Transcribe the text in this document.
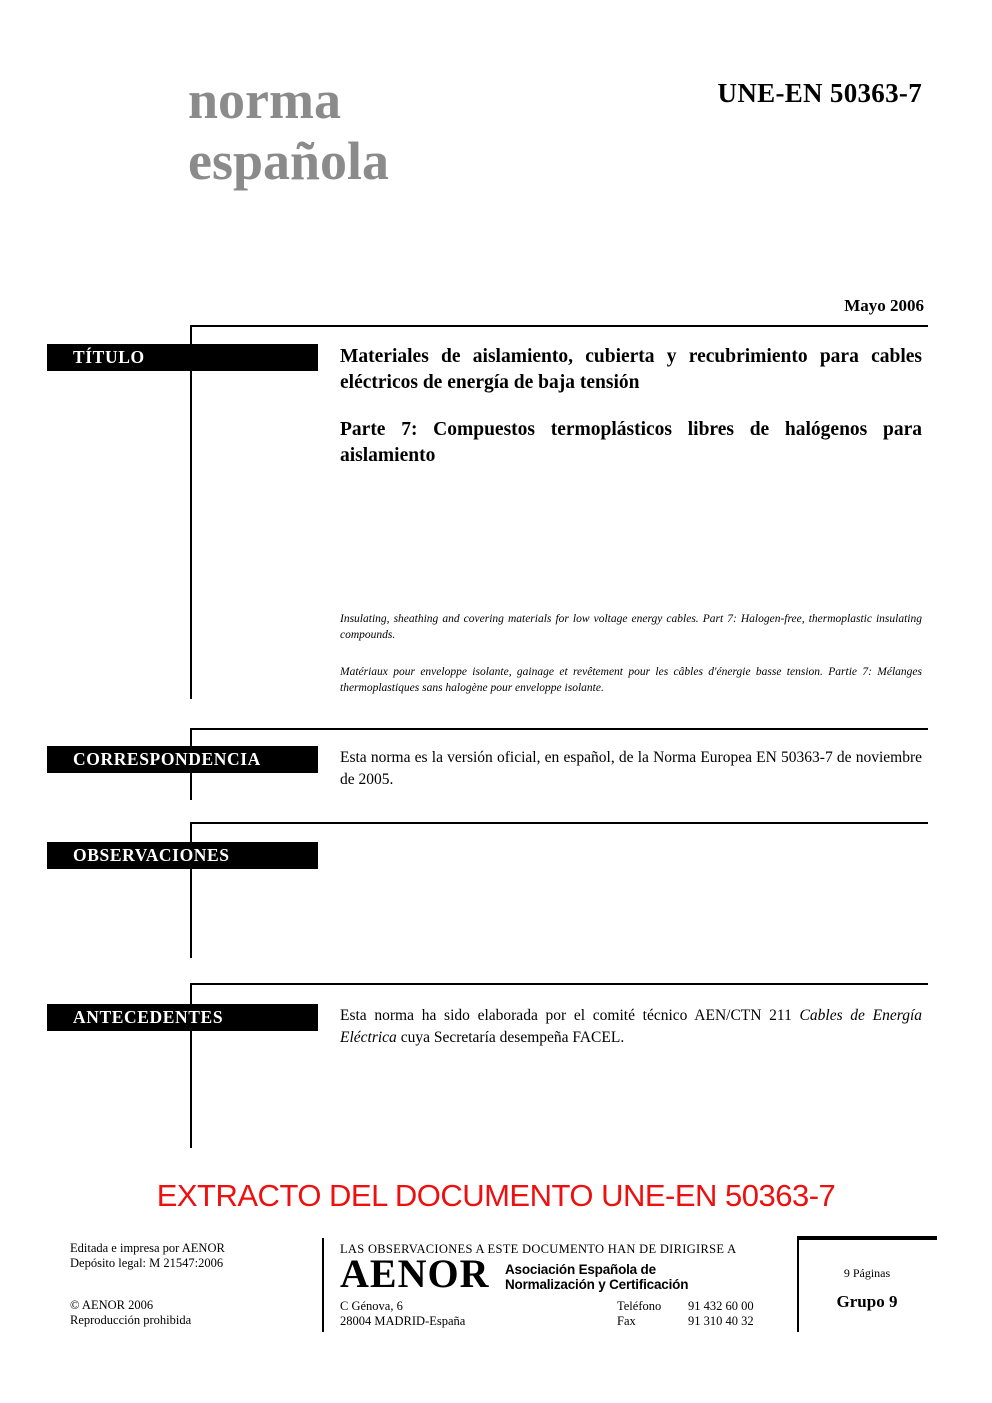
norma
española
UNE-EN 50363-7
Mayo 2006
TÍTULO	Materiales de aislamiento, cubierta y recubrimiento para cables eléctricos de energía de baja tensión
Parte 7: Compuestos termoplásticos libres de halógenos para aislamiento
Insulating, sheathing and covering materials for low voltage energy cables. Part 7: Halogen-free, thermoplastic insulating compounds.
Matériaux pour enveloppe isolante, gainage et revêtement pour les câbles d'énergie basse tension. Partie 7: Mélanges thermoplastiques sans halogène pour enveloppe isolante.
CORRESPONDENCIA	Esta norma es la versión oficial, en español, de la Norma Europea EN 50363-7 de noviembre de 2005.
OBSERVACIONES
ANTECEDENTES	Esta norma ha sido elaborada por el comité técnico AEN/CTN 211 Cables de Energía Eléctrica cuya Secretaría desempeña FACEL.
EXTRACTO DEL DOCUMENTO UNE-EN 50363-7
Editada e impresa por AENOR
Depósito legal: M 21547:2006
© AENOR 2006
Reproducción prohibida
LAS OBSERVACIONES A ESTE DOCUMENTO HAN DE DIRIGIRSE A
AENOR Asociación Española de
Normalización y Certificación
C Génova, 6	Teléfono 91 432 60 00
28004 MADRID-España	Fax	91 310 40 32
9 Páginas
Grupo 9
